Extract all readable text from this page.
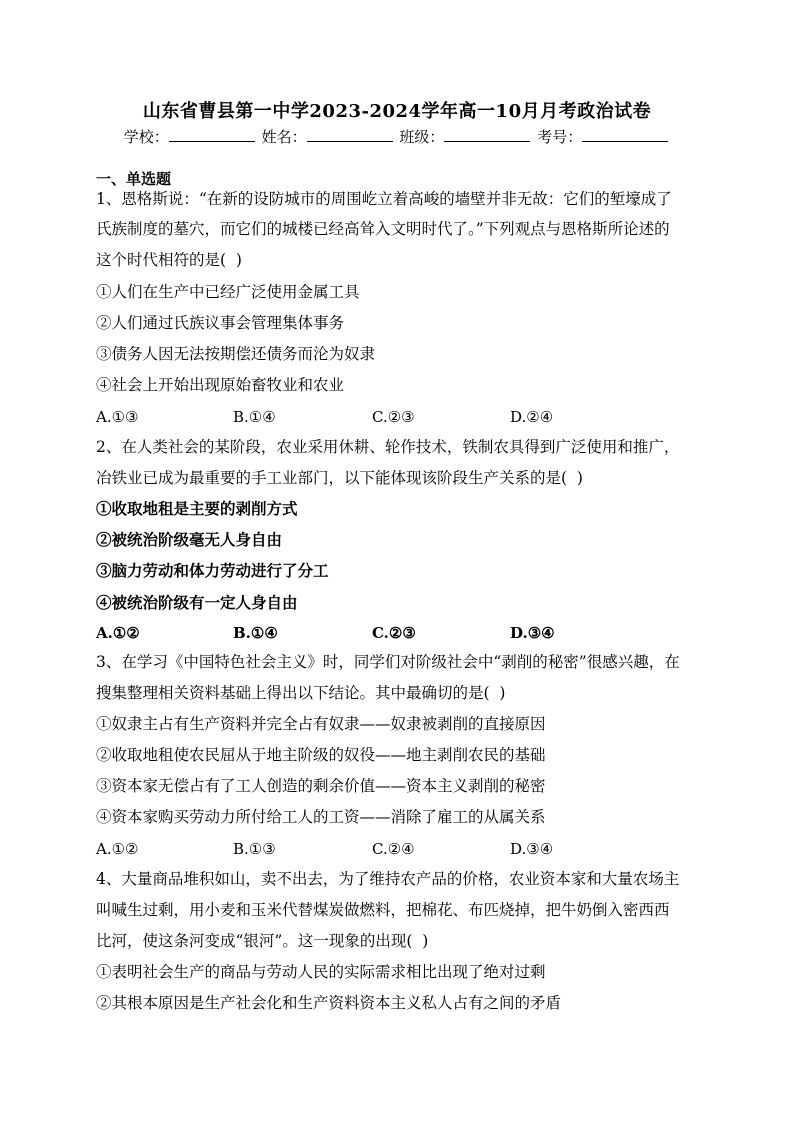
山东省曹县第一中学2023-2024学年高一10月月考政治试卷
学校：	姓名：	班级：	考号：
一、单选题
1、恩格斯说：“在新的设防城市的周围屹立着高峻的墙壁并非无故：它们的堑壕成了
氏族制度的墓穴，而它们的城楼已经高耸入文明时代了。”下列观点与恩格斯所论述的
这个时代相符的是(  )
①人们在生产中已经广泛使用金属工具
②人们通过氏族议事会管理集体事务
③债务人因无法按期偿还债务而沦为奴隶
④社会上开始出现原始畜牧业和农业
A.①③	B.①④	C.②③	D.②④
2、在人类社会的某阶段，农业采用休耕、轮作技术，铁制农具得到广泛使用和推广，
冶铁业已成为最重要的手工业部门，以下能体现该阶段生产关系的是(  )
①收取地租是主要的剥削方式
②被统治阶级毫无人身自由
③脑力劳动和体力劳动进行了分工
④被统治阶级有一定人身自由
A.①②	B.①④	C.②③	D.③④
3、在学习《中国特色社会主义》时，同学们对阶级社会中“剥削的秘密”很感兴趣，在
搜集整理相关资料基础上得出以下结论。其中最确切的是(  )
①奴隶主占有生产资料并完全占有奴隶——奴隶被剥削的直接原因
②收取地租使农民屈从于地主阶级的奴役——地主剥削农民的基础
③资本家无偿占有了工人创造的剩余价值——资本主义剥削的秘密
④资本家购买劳动力所付给工人的工资——消除了雇工的从属关系
A.①②	B.①③	C.②④	D.③④
4、大量商品堆积如山，卖不出去，为了维持农产品的价格，农业资本家和大量农场主
叫喊生过剩，用小麦和玉米代替煤炭做燃料，把棉花、布匹烧掉，把牛奶倒入密西西
比河，使这条河变成“银河”。这一现象的出现(  )
①表明社会生产的商品与劳动人民的实际需求相比出现了绝对过剩
②其根本原因是生产社会化和生产资料资本主义私人占有之间的矛盾
